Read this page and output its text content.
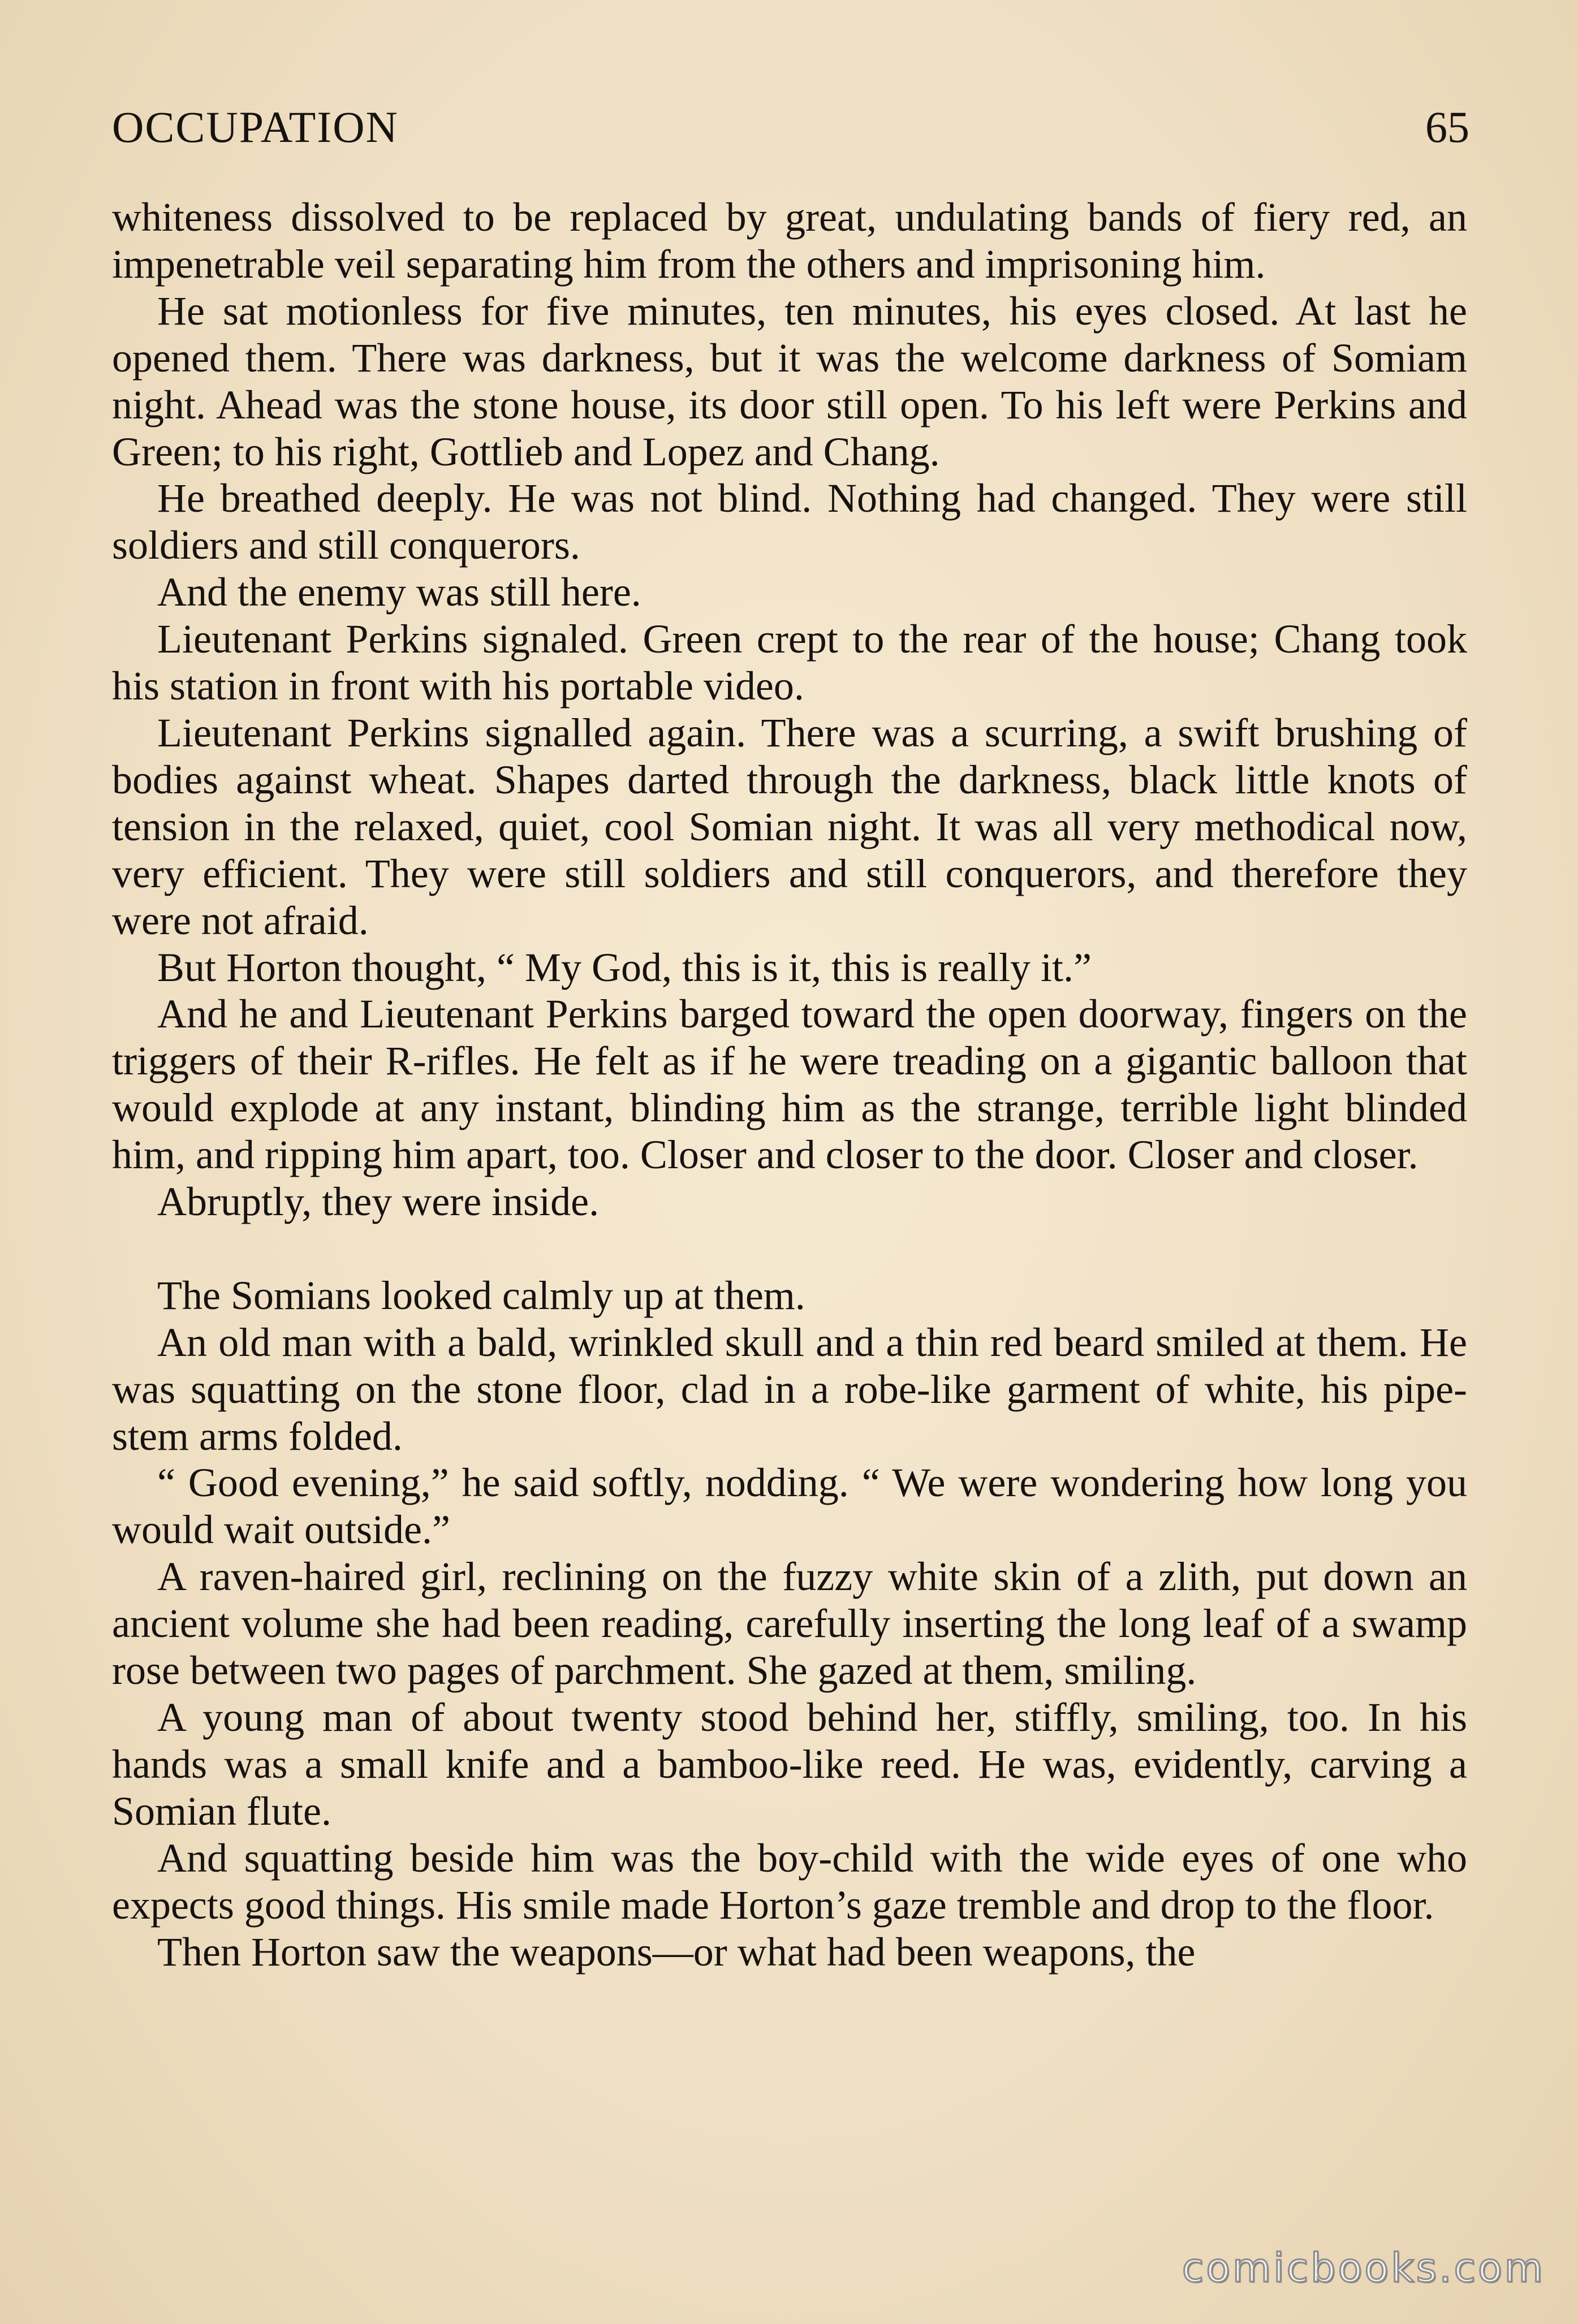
OCCUPATION	65

whiteness dissolved to be replaced by great, undulating bands of fiery red, an impenetrable veil separating him from the others and imprisoning him.

He sat motionless for five minutes, ten minutes, his eyes closed. At last he opened them. There was darkness, but it was the welcome darkness of Somiam night. Ahead was the stone house, its door still open. To his left were Perkins and Green; to his right, Gottlieb and Lopez and Chang.

He breathed deeply. He was not blind. Nothing had changed. They were still soldiers and still conquerors.

And the enemy was still here.

Lieutenant Perkins signaled. Green crept to the rear of the house; Chang took his station in front with his portable video.

Lieutenant Perkins signalled again. There was a scurring, a swift brushing of bodies against wheat. Shapes darted through the darkness, black little knots of tension in the relaxed, quiet, cool Somian night. It was all very methodical now, very efficient. They were still soldiers and still conquerors, and therefore they were not afraid.

But Horton thought, “ My God, this is it, this is really it.”

And he and Lieutenant Perkins barged toward the open doorway, fingers on the triggers of their R-rifles. He felt as if he were treading on a gigantic balloon that would explode at any instant, blinding him as the strange, terrible light blinded him, and ripping him apart, too. Closer and closer to the door. Closer and closer.

Abruptly, they were inside.

The Somians looked calmly up at them.

An old man with a bald, wrinkled skull and a thin red beard smiled at them. He was squatting on the stone floor, clad in a robe-like garment of white, his pipe-stem arms folded.

“ Good evening,” he said softly, nodding. “ We were wondering how long you would wait outside.”

A raven-haired girl, reclining on the fuzzy white skin of a zlith, put down an ancient volume she had been reading, carefully inserting the long leaf of a swamp rose between two pages of parchment. She gazed at them, smiling.

A young man of about twenty stood behind her, stiffly, smiling, too. In his hands was a small knife and a bamboo-like reed. He was, evidently, carving a Somian flute.

And squatting beside him was the boy-child with the wide eyes of one who expects good things. His smile made Horton’s gaze tremble and drop to the floor.

Then Horton saw the weapons—or what had been weapons, the

comicbooks.com
